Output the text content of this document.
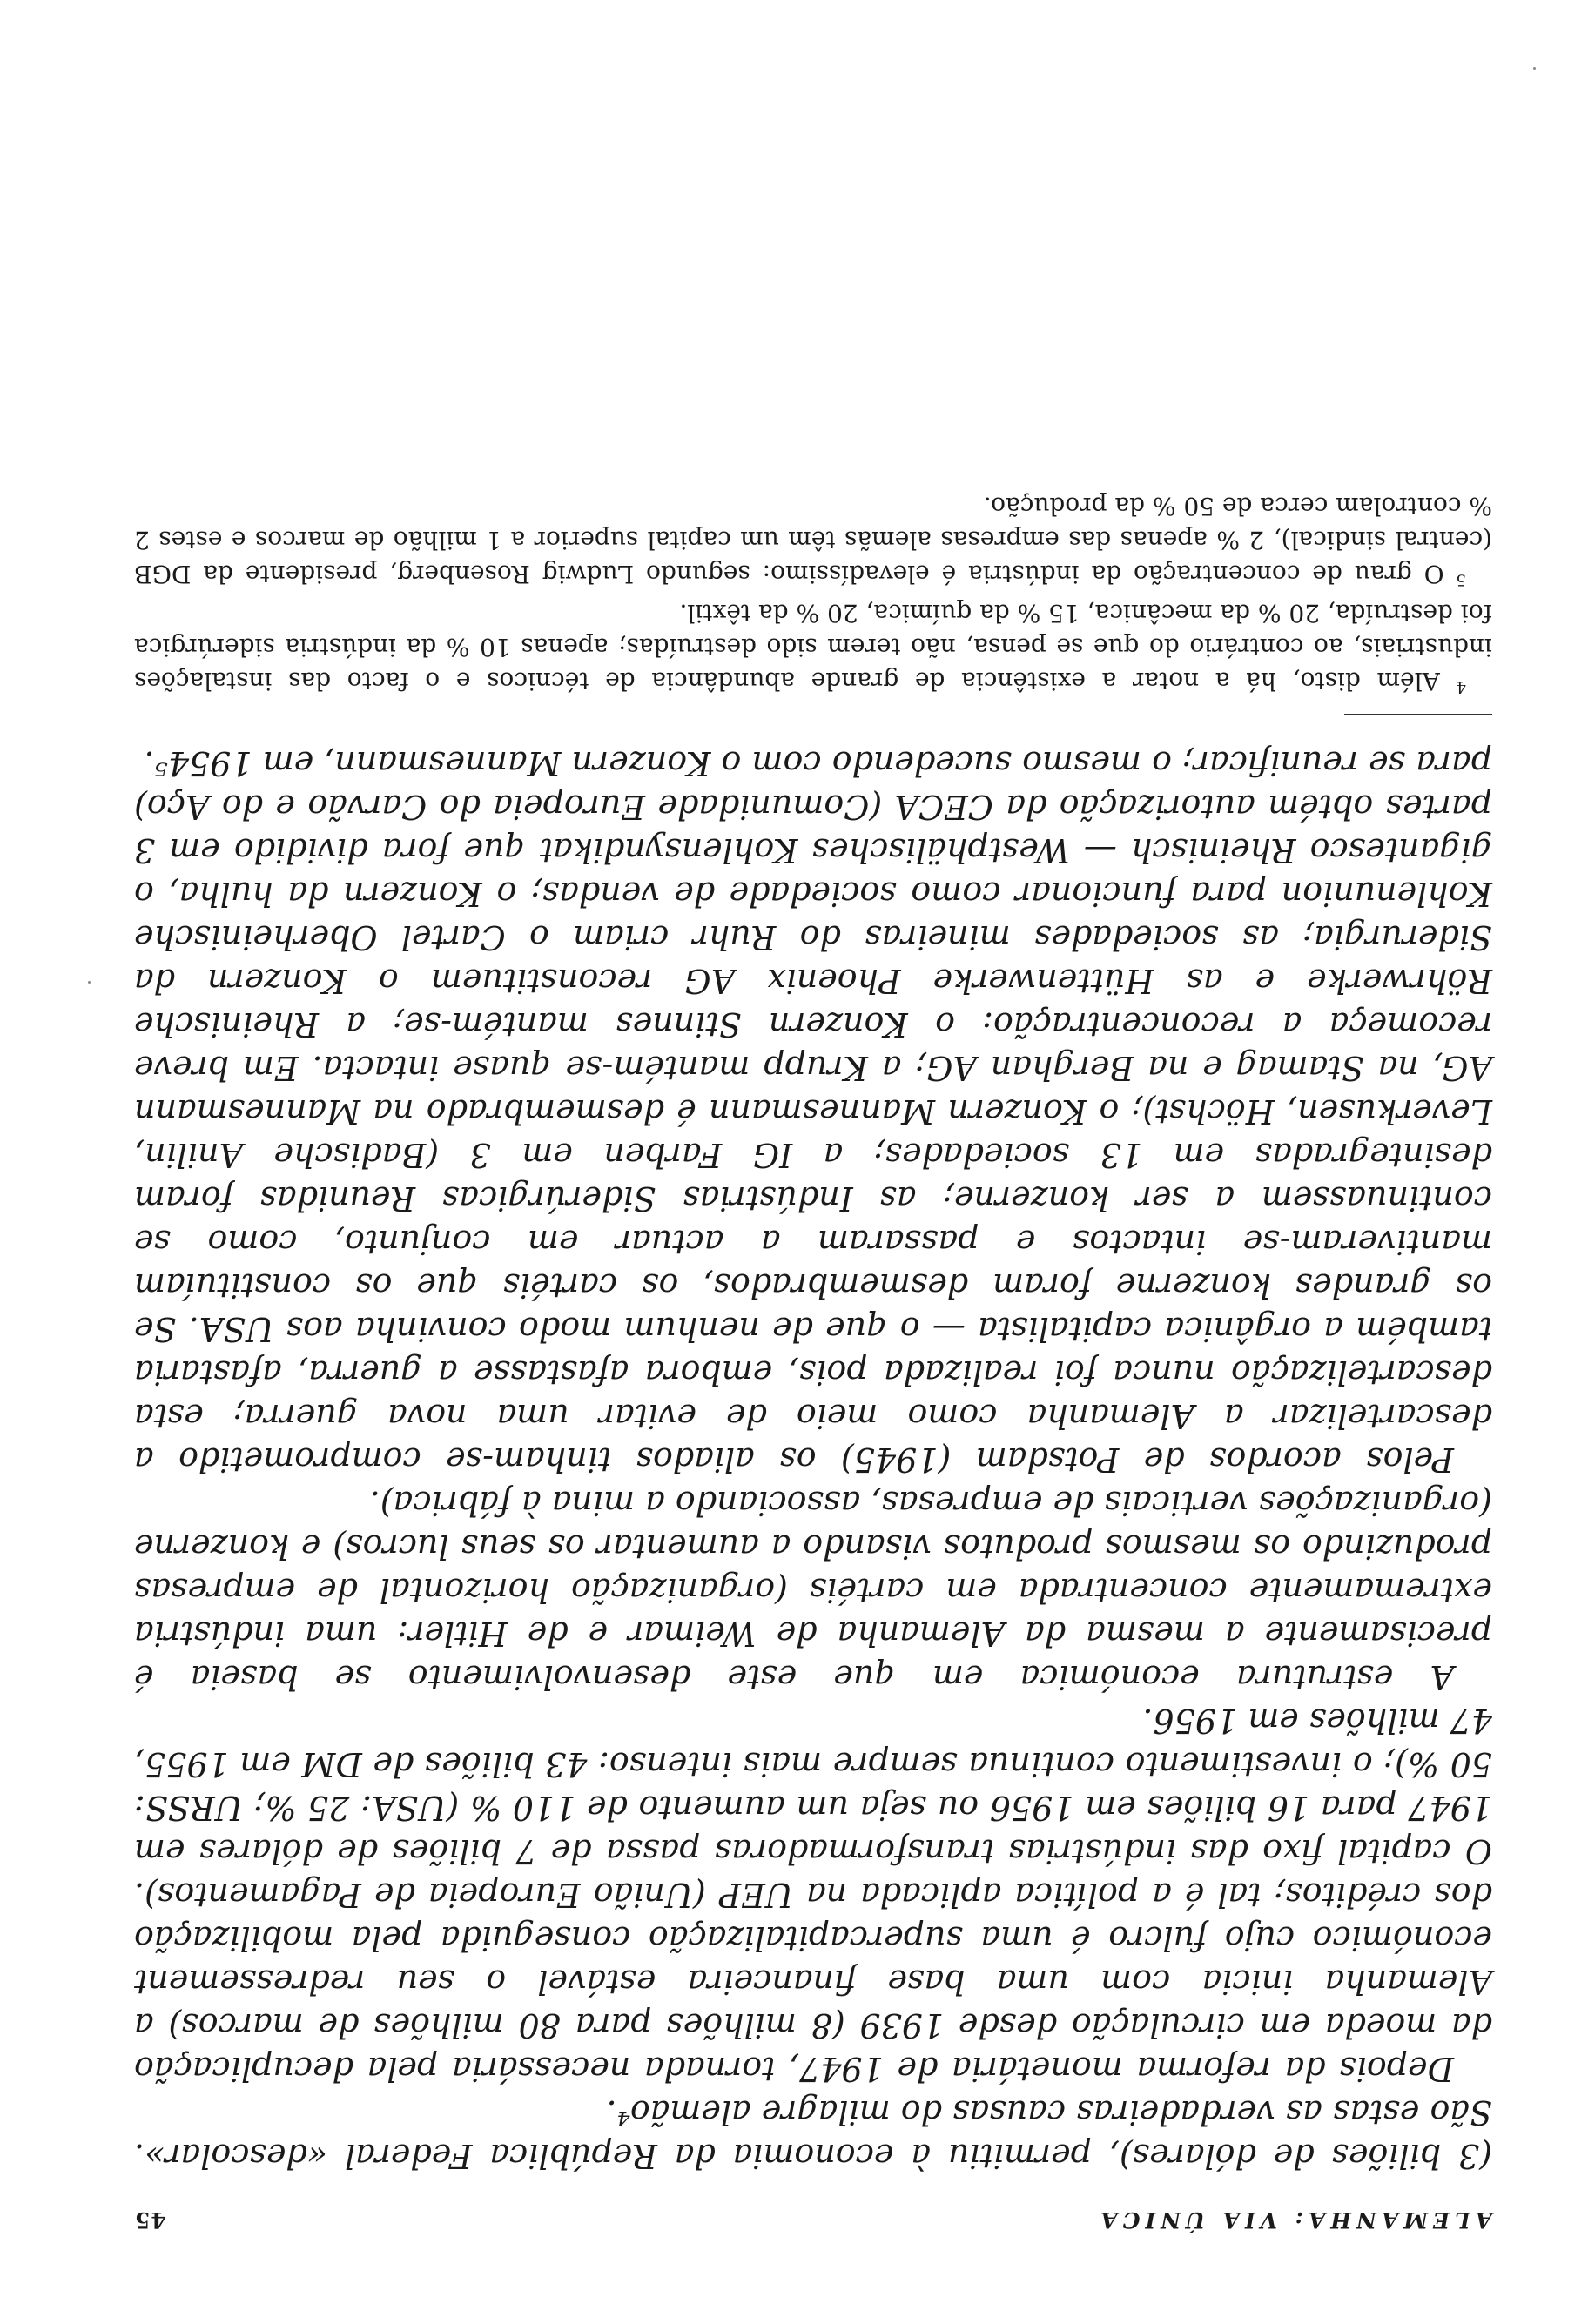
ALEMANHA: VIA ÚNICA
45

(3 biliões de dólares), permitiu à economia da República Federal «descolar». São estas as verdadeiras causas do milagre alemão⁴.

Depois da reforma monetária de 1947, tornada necessária pela decuplicação da moeda em circulação desde 1939 (8 milhões para 80 milhões de marcos) a Alemanha inicia com uma base financeira estável o seu redressement económico cujo fulcro é uma supercapitalização conseguida pela mobilização dos créditos; tal é a política aplicada na UEP (União Europeia de Pagamentos). O capital fixo das indústrias transformadoras passa de 7 biliões de dólares em 1947 para 16 biliões em 1956 ou seja um aumento de 110 % (USA: 25 %; URSS: 50 %); o investimento continua sempre mais intenso: 43 biliões de DM em 1955, 47 milhões em 1956.

A estrutura económica em que este desenvolvimento se baseia é precisamente a mesma da Alemanha de Weimar e de Hitler: uma indústria extremamente concentrada em cartéis (organização horizontal de empresas produzindo os mesmos produtos visando a aumentar os seus lucros) e konzerne (organizações verticais de empresas, associando a mina à fábrica).

Pelos acordos de Potsdam (1945) os aliados tinham-se comprometido a descartelizar a Alemanha como meio de evitar uma nova guerra; esta descartelização nunca foi realizada pois, embora afastasse a guerra, afastaria também a orgânica capitalista — o que de nenhum modo convinha aos USA. Se os grandes konzerne foram desmembrados, os cartéis que os constituíam mantiveram-se intactos e passaram a actuar em conjunto, como se continuassem a ser konzerne; as Indústrias Siderúrgicas Reunidas foram desintegradas em 13 sociedades; a IG Farben em 3 (Badische Anilin, Leverkusen, Höchst); o Konzern Mannesmann é desmembrado na Mannesmann AG, na Stamag e na Berghan AG; a Krupp mantém-se quase intacta. Em breve recomeça a reconcentração: o Konzern Stinnes mantém-se; a Rheinische Röhrwerke e as Hüttenwerke Phoenix AG reconstituem o Konzern da Siderurgia; as sociedades mineiras do Ruhr criam o Cartel Oberheinische Kohlenunion para funcionar como sociedade de vendas; o Konzern da hulha, o gigantesco Rheinisch — Westphälisches Kohlensyndikat que fora dividido em 3 partes obtém autorização da CECA (Comunidade Europeia do Carvão e do Aço) para se reunificar; o mesmo sucedendo com o Konzern Mannesmann, em 1954⁵.

$^4$ Além disto, há a notar a existência de grande abundância de técnicos e o facto das instalações industriais, ao contrário do que se pensa, não terem sido destruídas; apenas 10 % da indústria siderúrgica foi destruída, 20 % da mecânica, 15 % da química, 20 % da têxtil.

$^5$ O grau de concentração da indústria é elevadíssimo: segundo Ludwig Rosenberg, presidente da DGB (central sindical), 2 % apenas das empresas alemãs têm um capital superior a 1 milhão de marcos e estes 2 % controlam cerca de 50 % da produção.
